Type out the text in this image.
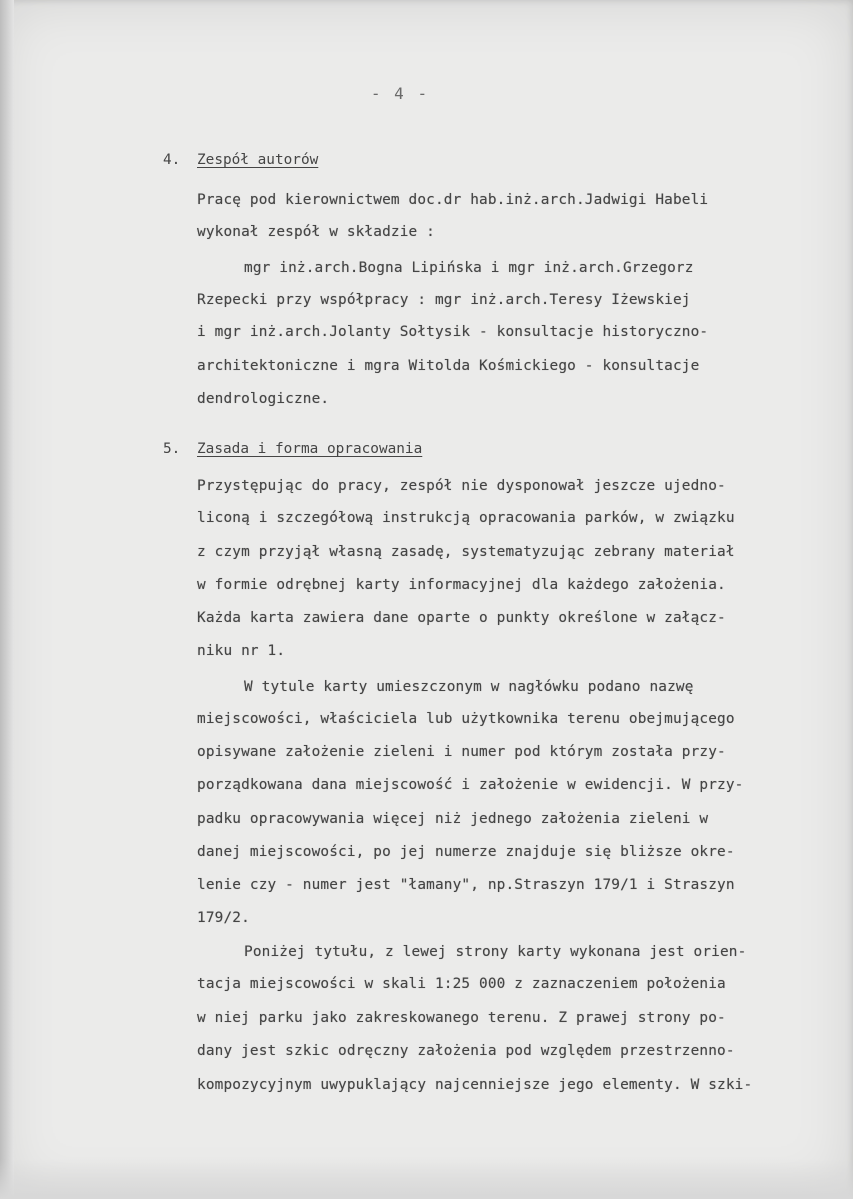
- 4 -
4. Zespół autorów
Pracę pod kierownictwem doc.dr hab.inż.arch.Jadwigi Habeli
wykonał zespół w składzie :
mgr inż.arch.Bogna Lipińska i mgr inż.arch.Grzegorz
Rzepecki przy współpracy : mgr inż.arch.Teresy Iżewskiej
i mgr inż.arch.Jolanty Sołtysik - konsultacje historyczno-
architektoniczne i mgra Witolda Kośmickiego - konsultacje
dendrologiczne.
5. Zasada i forma opracowania
Przystępując do pracy, zespół nie dysponował jeszcze ujedno-
liconą i szczegółową instrukcją opracowania parków, w związku
z czym przyjął własną zasadę, systematyzując zebrany materiał
w formie odrębnej karty informacyjnej dla każdego założenia.
Każda karta zawiera dane oparte o punkty określone w załącz-
niku nr 1.
W tytule karty umieszczonym w nagłówku podano nazwę
miejscowości, właściciela lub użytkownika terenu obejmującego
opisywane założenie zieleni i numer pod którym została przy-
porządkowana dana miejscowość i założenie w ewidencji. W przy-
padku opracowywania więcej niż jednego założenia zieleni w
danej miejscowości, po jej numerze znajduje się bliższe okre-
lenie czy - numer jest "łamany", np.Straszyn 179/1 i Straszyn
179/2.
Poniżej tytułu, z lewej strony karty wykonana jest orien-
tacja miejscowości w skali 1:25 000 z zaznaczeniem położenia
w niej parku jako zakreskowanego terenu. Z prawej strony po-
dany jest szkic odręczny założenia pod względem przestrzenno-
kompozycyjnym uwypuklający najcenniejsze jego elementy. W szki-
